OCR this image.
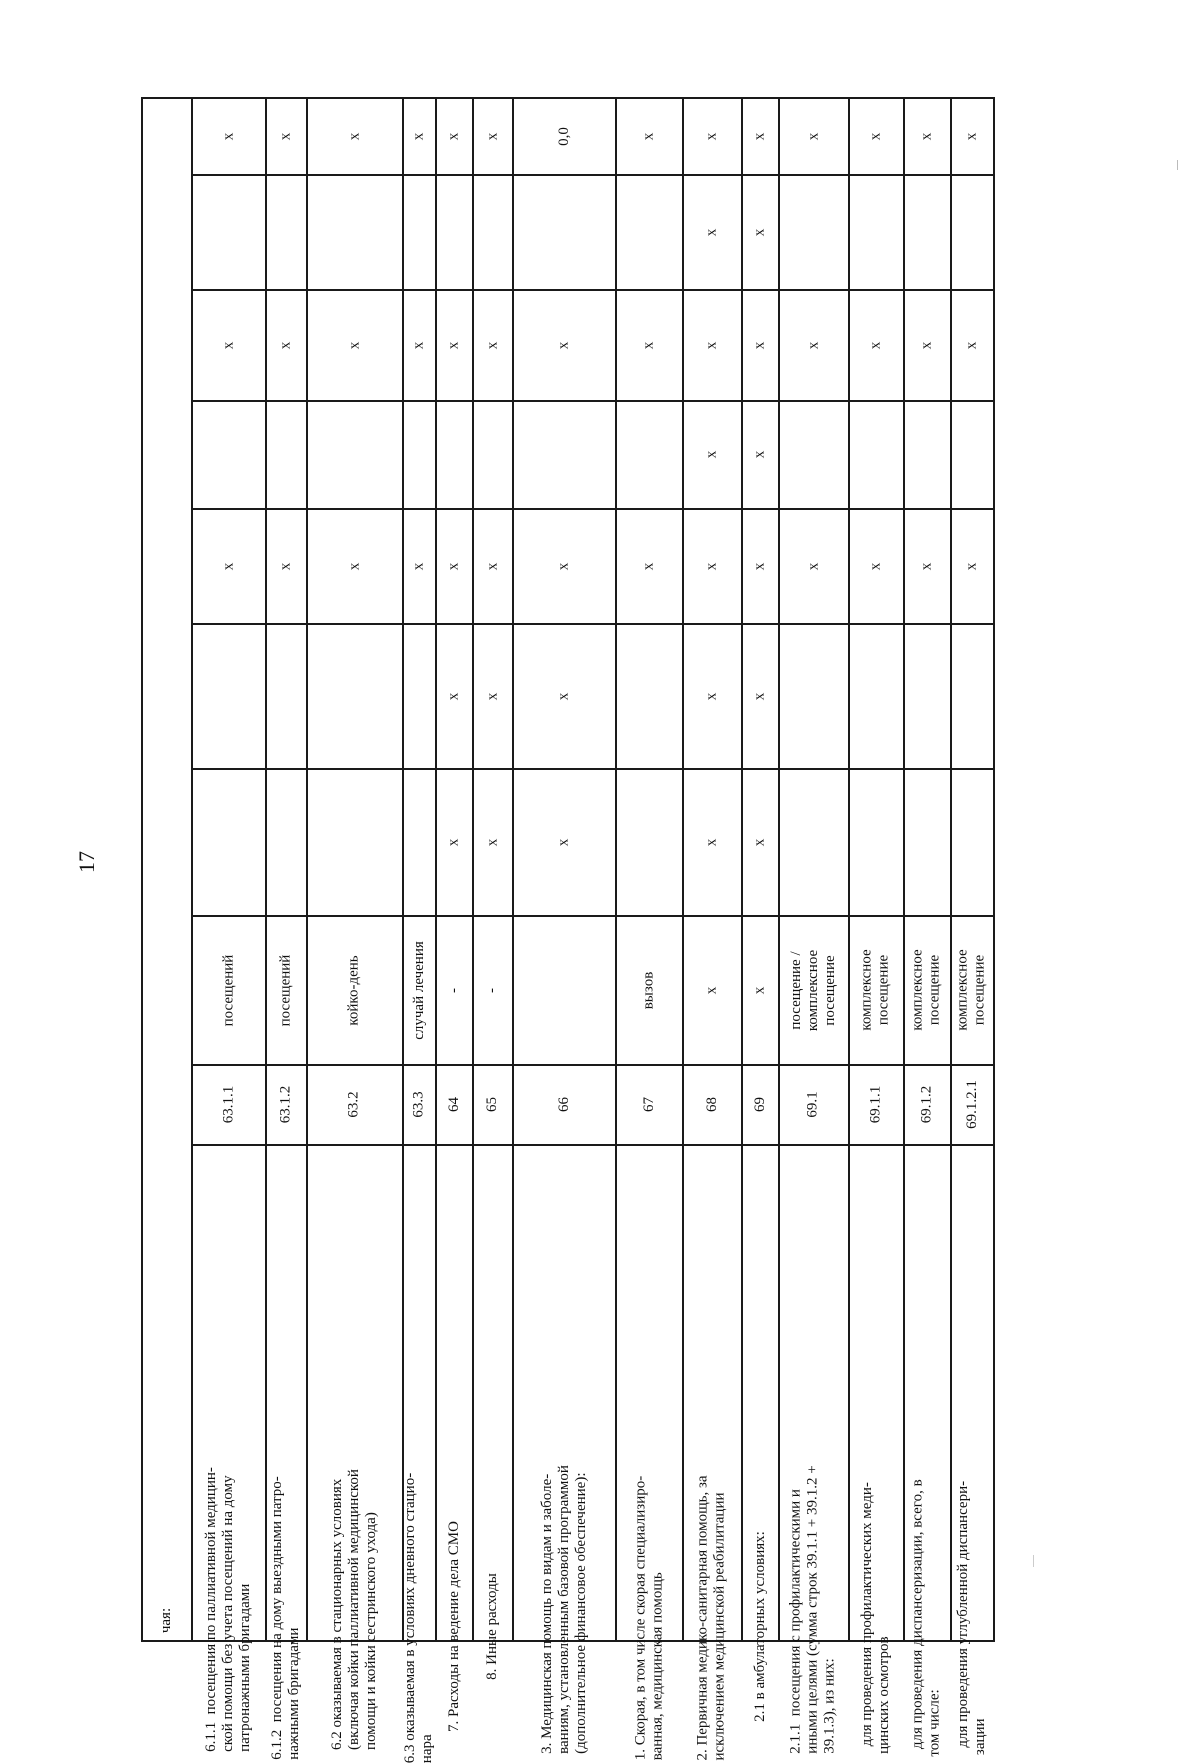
17
чая:
6.1.1  посещения по паллиативной медицин-
ской помощи без учета посещений на дому
патронажными бригадами
63.1.1
посещений
х
х
х
6.1.2  посещения на дому выездными патро-
нажными бригадами
63.1.2
посещений
х
х
х
6.2 оказываемая в стационарных условиях
(включая койки паллиативной медицинской
помощи и койки сестринского ухода)
63.2
койко-день
х
х
х
6.3 оказываемая в условиях дневного стацио-
нара
63.3
случай лечения
х
х
х
7. Расходы на ведение дела СМО
64
-
х
х
х
х
х
8. Иные расходы
65
-
х
х
х
х
х
3. Медицинская помощь по видам и заболе-
ваниям, установленным базовой программой
(дополнительное финансовое обеспечение):
66
х
х
х
х
0,0
1. Скорая, в том числе скорая специализиро-
ванная, медицинская помощь
67
вызов
х
х
х
2. Первичная медико-санитарная помощь, за
исключением медицинской реабилитации
68
х
х
х
х
х
х
х
х
2.1 в амбулаторных условиях:
69
х
х
х
х
х
х
х
х
2.1.1  посещения с профилактическими и
иными целями (сумма строк 39.1.1 + 39.1.2 +
39.1.3), из них:
69.1
посещение /
комплексное
посещение
х
х
х
для проведения профилактических меди-
цинских осмотров
69.1.1
комплексное
посещение
х
х
х
для проведения диспансеризации, всего, в
том числе:
69.1.2
комплексное
посещение
х
х
х
для проведения углубленной диспансери-
зации
69.1.2.1
комплексное
посещение
х
х
х
